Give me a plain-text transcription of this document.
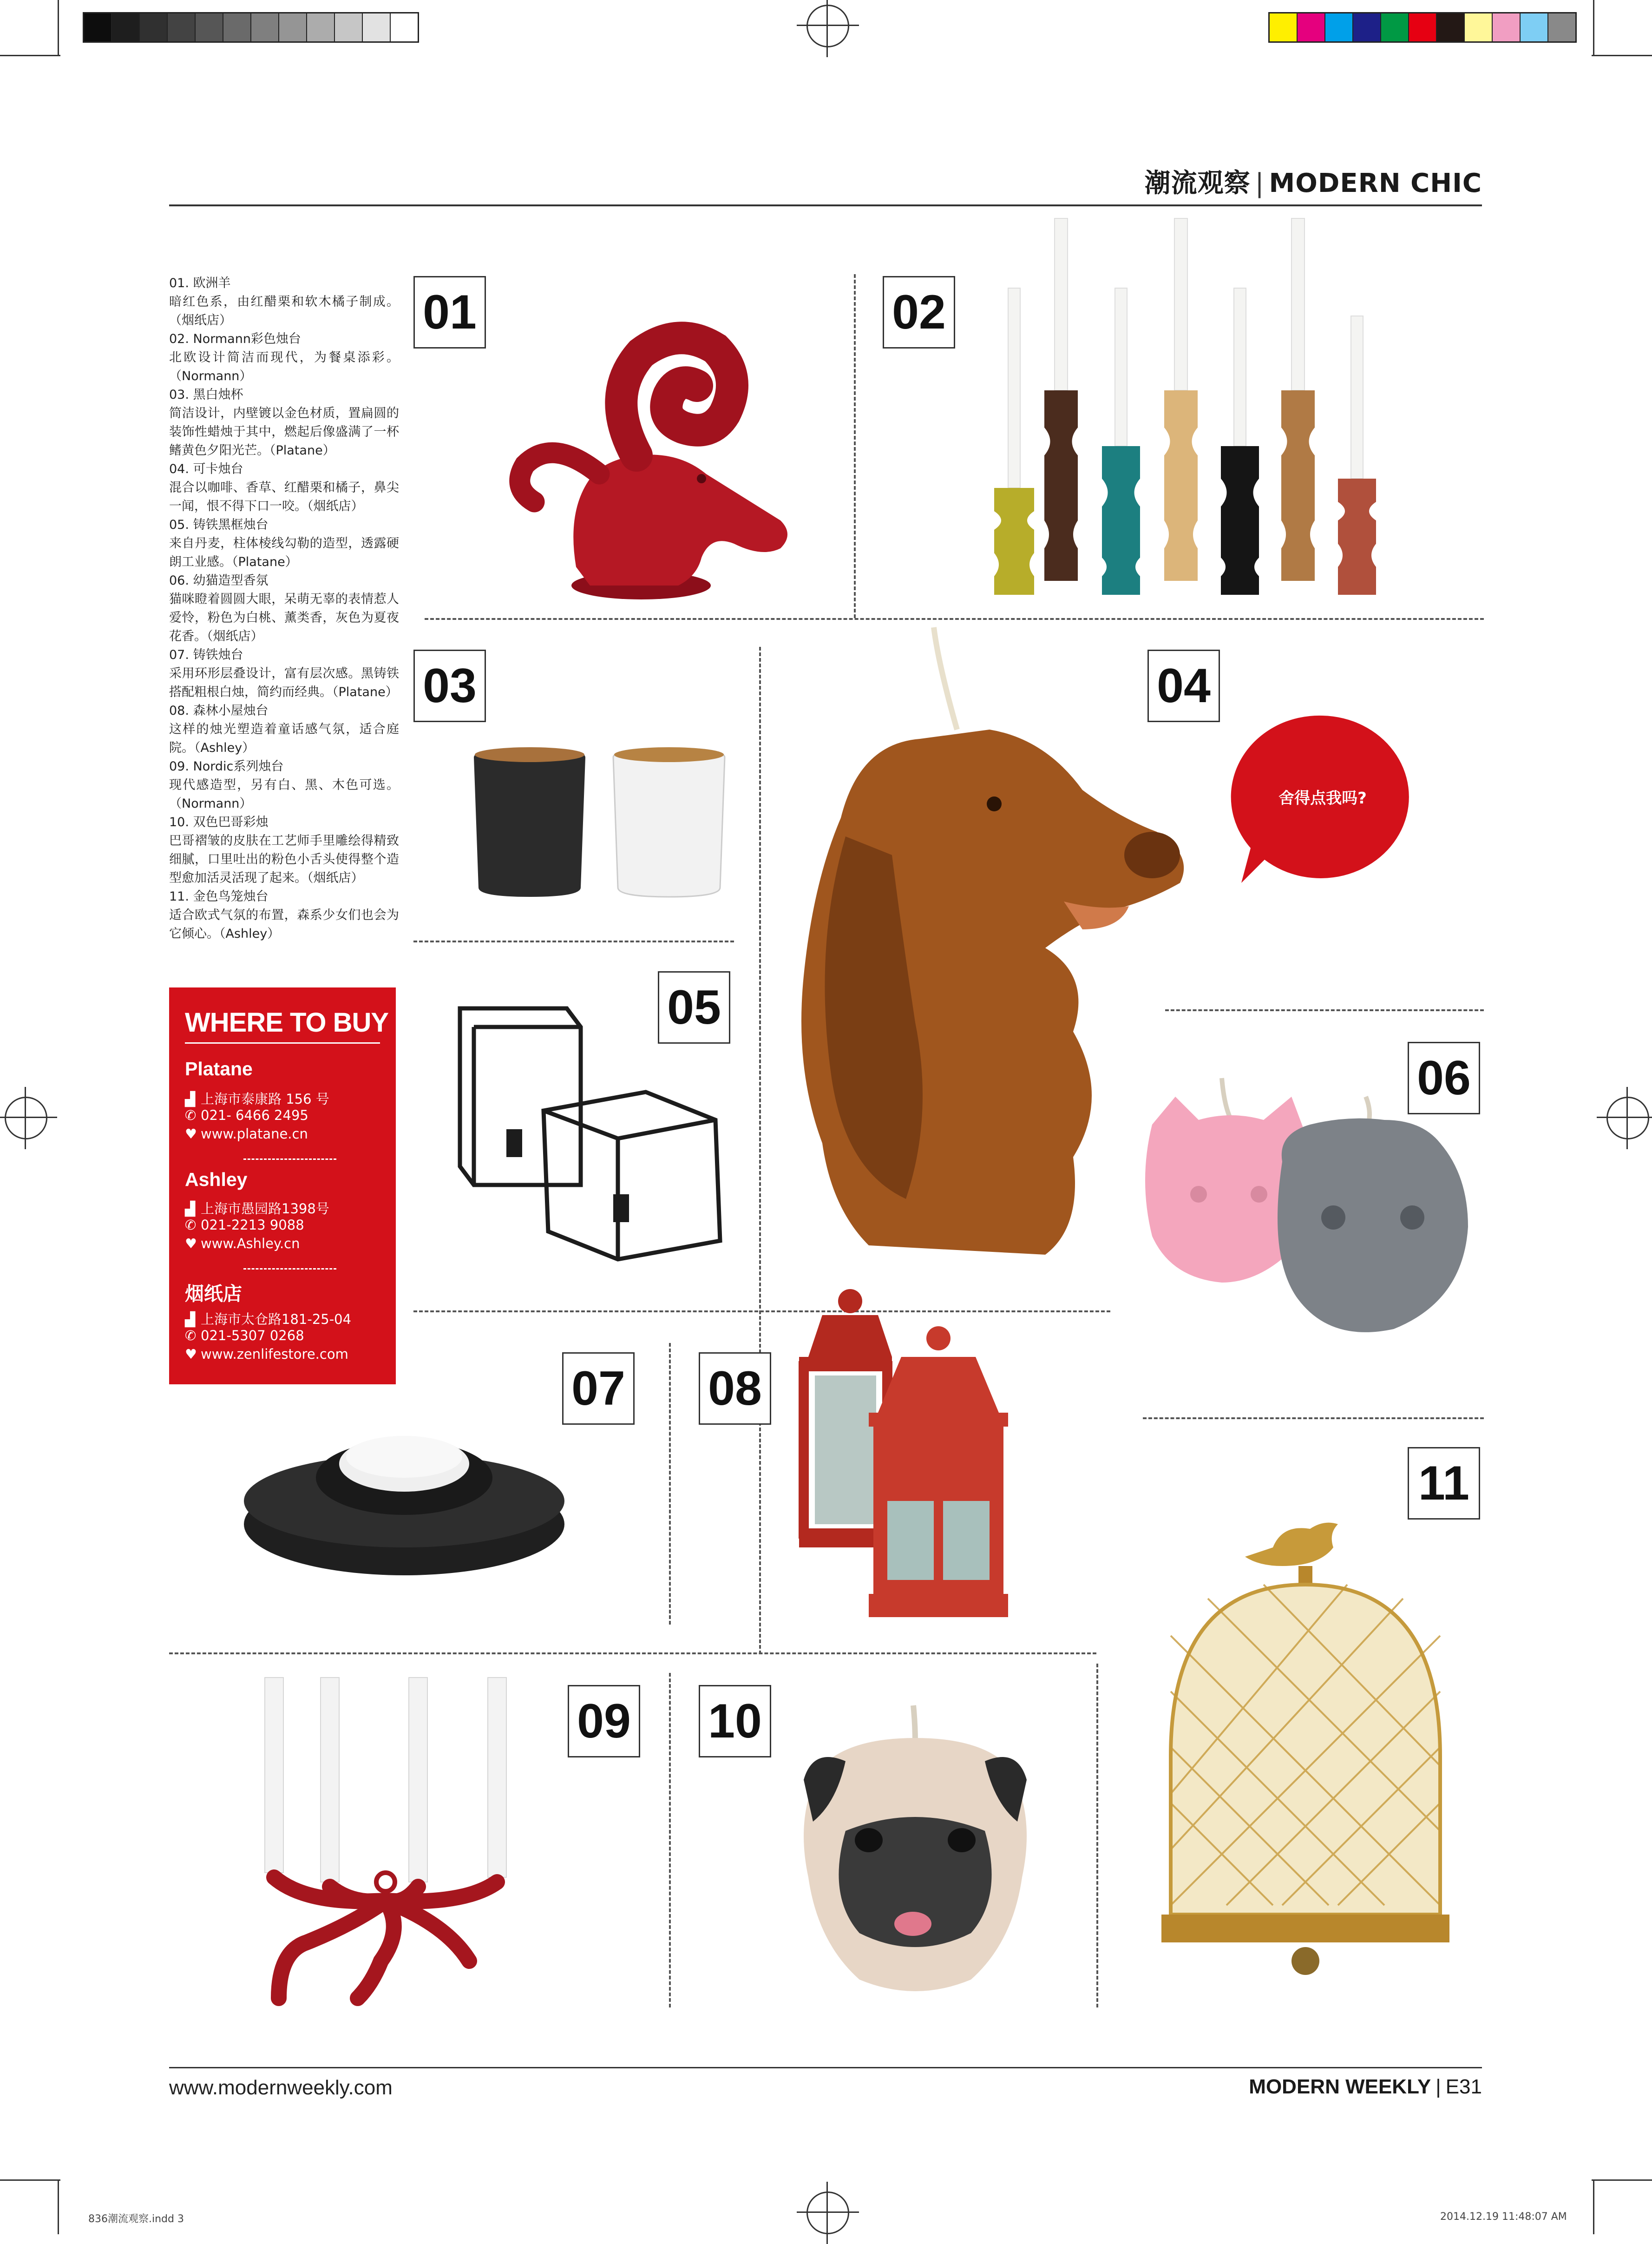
潮流观察 | MODERN CHIC
01. 欧洲羊
暗红色系，由红醋栗和软木橘子制成。（烟纸店）
02. Normann彩色烛台
北欧设计简洁而现代，为餐桌添彩。（Normann）
03. 黑白烛杯
简洁设计，内壁镀以金色材质，置扁圆的装饰性蜡烛于其中，燃起后像盛满了一杯鳍黄色夕阳光芒。（Platane）
04. 可卡烛台
混合以咖啡、香草、红醋栗和橘子，鼻尖一闻，恨不得下口一咬。（烟纸店）
05. 铸铁黑框烛台
来自丹麦，柱体棱线勾勒的造型，透露硬朗工业感。（Platane）
06. 幼猫造型香氛
猫咪瞪着圆圆大眼，呆萌无辜的表情惹人爱怜，粉色为白桃、薰类香，灰色为夏夜花香。（烟纸店）
07. 铸铁烛台
采用环形层叠设计，富有层次感。黑铸铁搭配粗根白烛，简约而经典。（Platane）
08. 森林小屋烛台
这样的烛光塑造着童话感气氛，适合庭院。（Ashley）
09. Nordic系列烛台
现代感造型，另有白、黑、木色可选。（Normann）
10. 双色巴哥彩烛
巴哥褶皱的皮肤在工艺师手里雕绘得精致细腻，口里吐出的粉色小舌头使得整个造型愈加活灵活现了起来。（烟纸店）
11. 金色鸟笼烛台
适合欧式气氛的布置，森系少女们也会为它倾心。（Ashley）
WHERE TO BUY
Platane
▟ 上海市泰康路 156 号
✆ 021- 6466 2495
♥ www.platane.cn
Ashley
▟ 上海市愚园路1398号
✆ 021-2213 9088
♥ www.Ashley.cn
烟纸店
▟ 上海市太仓路181-25-04
✆ 021-5307 0268
♥ www.zenlifestore.com
01	02
03	04
05
06
07 08
09 10
11
舍得点我吗?
www.modernweekly.com	MODERN WEEKLY | E31
836潮流观察.indd 3	2014.12.19 11:48:07 AM
